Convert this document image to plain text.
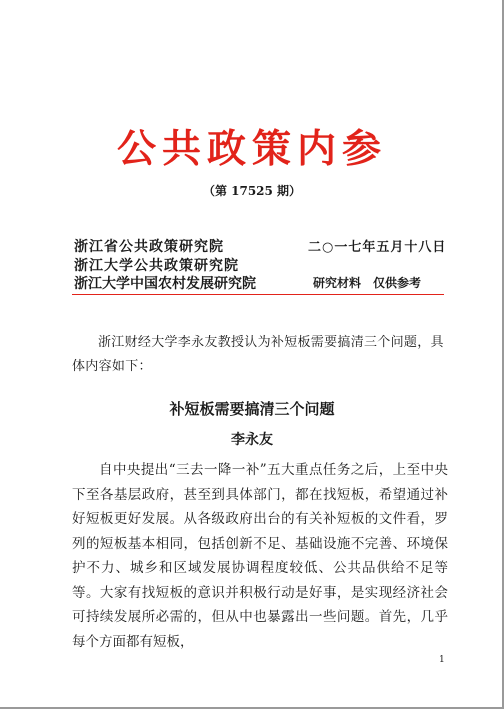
公共政策内参
（第 17525 期）
浙江省公共政策研究院
浙江大学公共政策研究院
浙江大学中国农村发展研究院
二○一七年五月十八日
研究材料　仅供参考
浙江财经大学李永友教授认为补短板需要搞清三个问题，具体内容如下：
补短板需要搞清三个问题
李永友
自中央提出“三去一降一补”五大重点任务之后，上至中央下至各基层政府，甚至到具体部门，都在找短板，希望通过补好短板更好发展。从各级政府出台的有关补短板的文件看，罗列的短板基本相同，包括创新不足、基础设施不完善、环境保护不力、城乡和区域发展协调程度较低、公共品供给不足等等。大家有找短板的意识并积极行动是好事，是实现经济社会可持续发展所必需的，但从中也暴露出一些问题。首先，几乎每个方面都有短板，
1
